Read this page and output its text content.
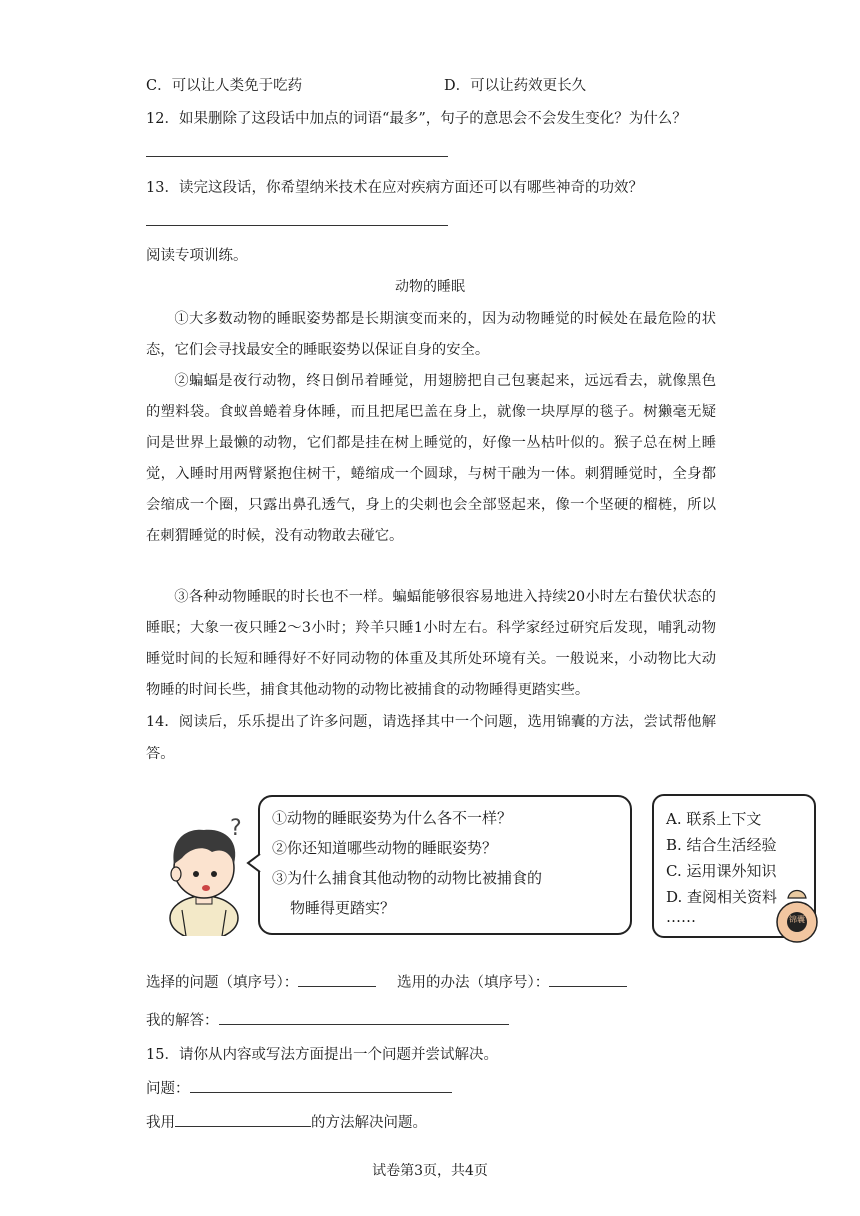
C．可以让人类免于吃药	D．可以让药效更长久
12．如果删除了这段话中加点的词语“最多”，句子的意思会不会发生变化？为什么？
13．读完这段话，你希望纳米技术在应对疾病方面还可以有哪些神奇的功效？
阅读专项训练。
动物的睡眠
①大多数动物的睡眠姿势都是长期演变而来的，因为动物睡觉的时候处在最危险的状态，它们会寻找最安全的睡眠姿势以保证自身的安全。
②蝙蝠是夜行动物，终日倒吊着睡觉，用翅膀把自己包裹起来，远远看去，就像黑色的塑料袋。食蚁兽蜷着身体睡，而且把尾巴盖在身上，就像一块厚厚的毯子。树獭毫无疑问是世界上最懒的动物，它们都是挂在树上睡觉的，好像一丛枯叶似的。猴子总在树上睡觉，入睡时用两臂紧抱住树干，蜷缩成一个圆球，与树干融为一体。刺猬睡觉时，全身都会缩成一个圈，只露出鼻孔透气，身上的尖刺也会全部竖起来，像一个坚硬的榴梿，所以在刺猬睡觉的时候，没有动物敢去碰它。
③各种动物睡眠的时长也不一样。蝙蝠能够很容易地进入持续20小时左右蛰伏状态的睡眠；大象一夜只睡2～3小时；羚羊只睡1小时左右。科学家经过研究后发现，哺乳动物睡觉时间的长短和睡得好不好同动物的体重及其所处环境有关。一般说来，小动物比大动物睡的时间长些，捕食其他动物的动物比被捕食的动物睡得更踏实些。
14．阅读后，乐乐提出了许多问题，请选择其中一个问题，选用锦囊的方法，尝试帮他解答。
? ①动物的睡眠姿势为什么各不一样？
②你还知道哪些动物的睡眠姿势？
③为什么捕食其他动物的动物比被捕食的
物睡得更踏实？
A. 联系上下文
B. 结合生活经验
C. 运用课外知识
D. 查阅相关资料
……	锦囊
选择的问题（填序号）：	选用的办法（填序号）：
我的解答：
15．请你从内容或写法方面提出一个问题并尝试解决。
问题：
我用	的方法解决问题。
试卷第3页，共4页
